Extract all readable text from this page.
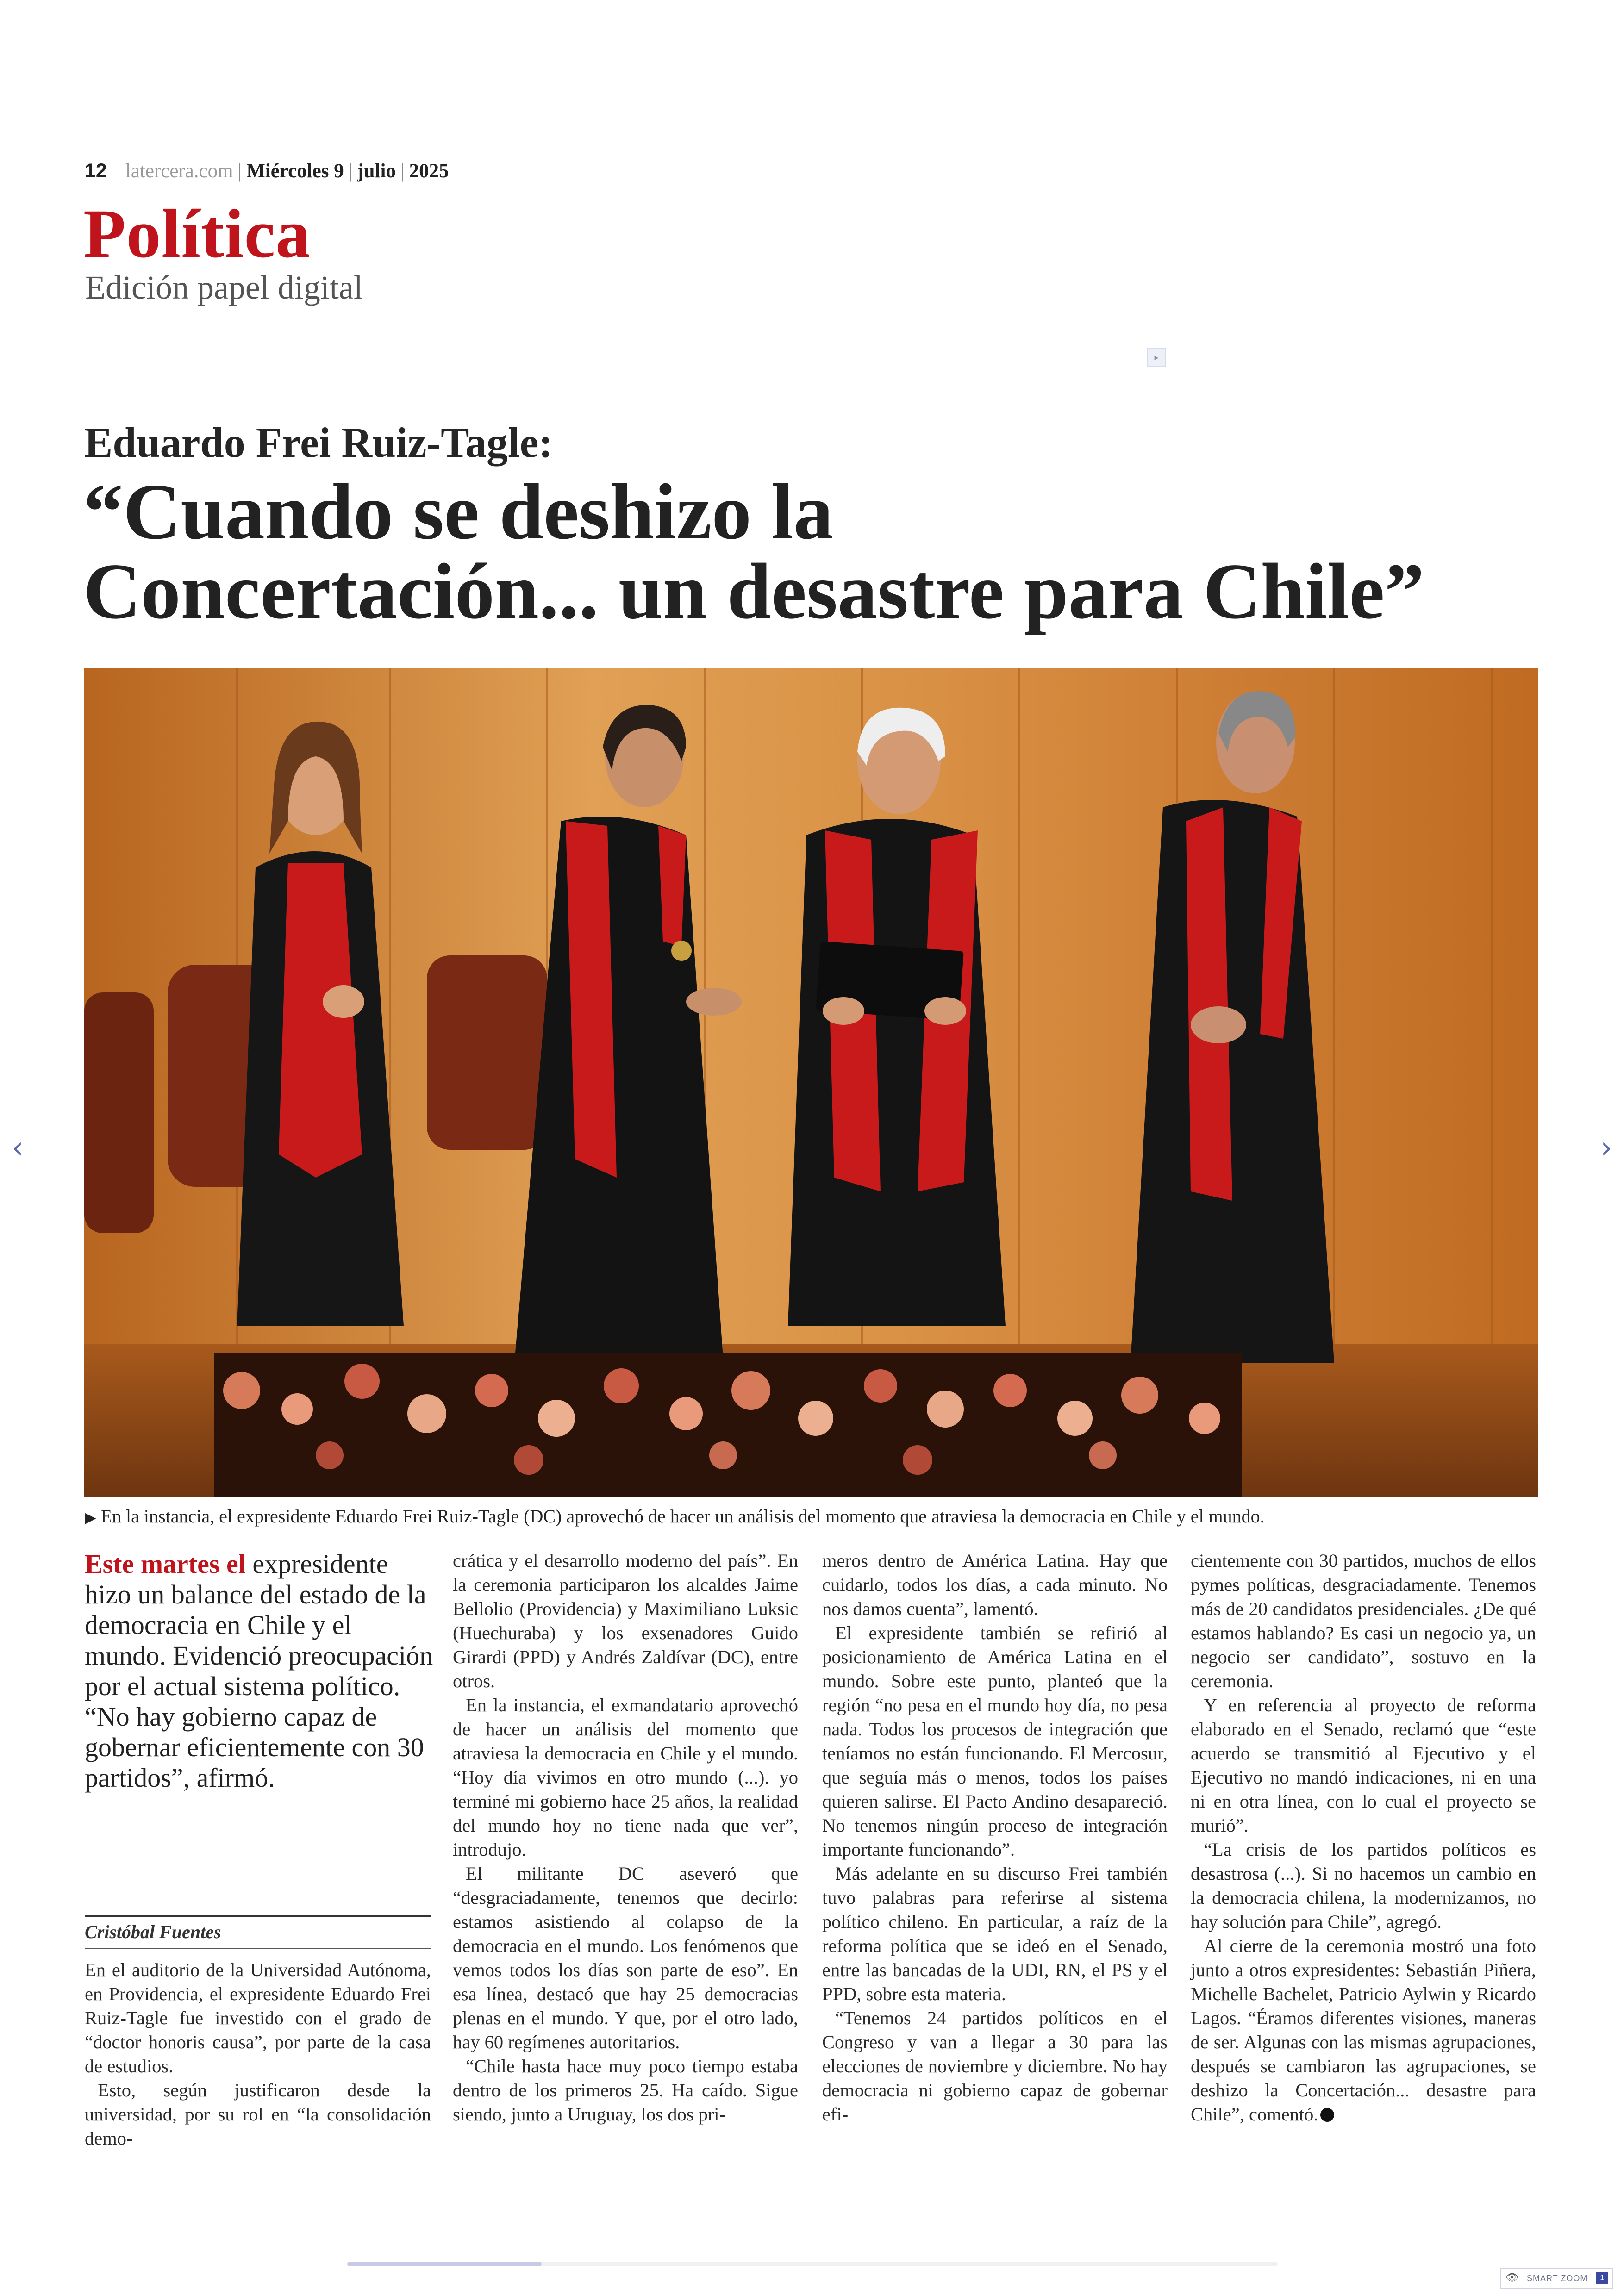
12 latercera.com | Miércoles 9 | julio | 2025
Política
Edición papel digital
▸
Eduardo Frei Ruiz-Tagle:
“Cuando se deshizo la
Concertación... un desastre para Chile”
▶ En la instancia, el expresidente Eduardo Frei Ruiz-Tagle (DC) aprovechó de hacer un análisis del momento que atraviesa la democracia en Chile y el mundo.
Este martes el expresidente hizo un balance del estado de la democracia en Chile y el mundo. Evidenció preocupación por el actual sistema político. “No hay gobierno capaz de gobernar eficientemente con 30 partidos”, afirmó.
Cristóbal Fuentes

En el auditorio de la Universidad Autónoma, en Providencia, el expresidente Eduardo Frei Ruiz-Tagle fue investido con el grado de “doctor honoris causa”, por parte de la casa de estudios.

Esto, según justificaron desde la universidad, por su rol en “la consolidación demo-

crática y el desarrollo moderno del país”. En la ceremonia participaron los alcaldes Jaime Bellolio (Providencia) y Maximiliano Luksic (Huechuraba) y los exsenadores Guido Girardi (PPD) y Andrés Zaldívar (DC), entre otros.

En la instancia, el exmandatario aprovechó de hacer un análisis del momento que atraviesa la democracia en Chile y el mundo. “Hoy día vivimos en otro mundo (...). yo terminé mi gobierno hace 25 años, la realidad del mundo hoy no tiene nada que ver”, introdujo.

El militante DC aseveró que “desgraciadamente, tenemos que decirlo: estamos asistiendo al colapso de la democracia en el mundo. Los fenómenos que vemos todos los días son parte de eso”. En esa línea, destacó que hay 25 democracias plenas en el mundo. Y que, por el otro lado, hay 60 regímenes autoritarios.

“Chile hasta hace muy poco tiempo estaba dentro de los primeros 25. Ha caído. Sigue siendo, junto a Uruguay, los dos pri-

meros dentro de América Latina. Hay que cuidarlo, todos los días, a cada minuto. No nos damos cuenta”, lamentó.

El expresidente también se refirió al posicionamiento de América Latina en el mundo. Sobre este punto, planteó que la región “no pesa en el mundo hoy día, no pesa nada. Todos los procesos de integración que teníamos no están funcionando. El Mercosur, que seguía más o menos, todos los países quieren salirse. El Pacto Andino desapareció. No tenemos ningún proceso de integración importante funcionando”.

Más adelante en su discurso Frei también tuvo palabras para referirse al sistema político chileno. En particular, a raíz de la reforma política que se ideó en el Senado, entre las bancadas de la UDI, RN, el PS y el PPD, sobre esta materia.

“Tenemos 24 partidos políticos en el Congreso y van a llegar a 30 para las elecciones de noviembre y diciembre. No hay democracia ni gobierno capaz de gobernar efi-

cientemente con 30 partidos, muchos de ellos pymes políticas, desgraciadamente. Tenemos más de 20 candidatos presidenciales. ¿De qué estamos hablando? Es casi un negocio ya, un negocio ser candidato”, sostuvo en la ceremonia.

Y en referencia al proyecto de reforma elaborado en el Senado, reclamó que “este acuerdo se transmitió al Ejecutivo y el Ejecutivo no mandó indicaciones, ni en una ni en otra línea, con lo cual el proyecto se murió”.

“La crisis de los partidos políticos es desastrosa (...). Si no hacemos un cambio en la democracia chilena, la modernizamos, no hay solución para Chile”, agregó.

Al cierre de la ceremonia mostró una foto junto a otros expresidentes: Sebastián Piñera, Michelle Bachelet, Patricio Aylwin y Ricardo Lagos. “Éramos diferentes visiones, maneras de ser. Algunas con las mismas agrupaciones, después se cambiaron las agrupaciones, se deshizo la Concertación... desastre para Chile”, comentó.

‹	›
👁 SMART ZOOM	1
